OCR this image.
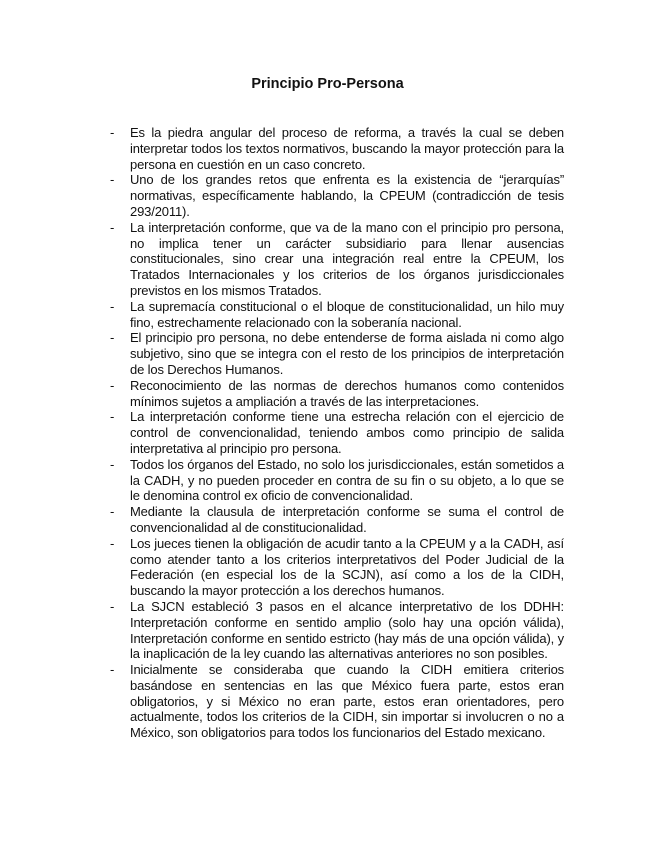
Principio Pro-Persona
- Es la piedra angular del proceso de reforma, a través la cual se deben interpretar todos los textos normativos, buscando la mayor protección para la persona en cuestión en un caso concreto.
- Uno de los grandes retos que enfrenta es la existencia de “jerarquías” normativas, específicamente hablando, la CPEUM (contradicción de tesis 293/2011).
- La interpretación conforme, que va de la mano con el principio pro persona, no implica tener un carácter subsidiario para llenar ausencias constitucionales, sino crear una integración real entre la CPEUM, los Tratados Internacionales y los criterios de los órganos jurisdiccionales previstos en los mismos Tratados.
- La supremacía constitucional o el bloque de constitucionalidad, un hilo muy fino, estrechamente relacionado con la soberanía nacional.
- El principio pro persona, no debe entenderse de forma aislada ni como algo subjetivo, sino que se integra con el resto de los principios de interpretación de los Derechos Humanos.
- Reconocimiento de las normas de derechos humanos como contenidos mínimos sujetos a ampliación a través de las interpretaciones.
- La interpretación conforme tiene una estrecha relación con el ejercicio de control de convencionalidad, teniendo ambos como principio de salida interpretativa al principio pro persona.
- Todos los órganos del Estado, no solo los jurisdiccionales, están sometidos a la CADH, y no pueden proceder en contra de su fin o su objeto, a lo que se le denomina control ex oficio de convencionalidad.
- Mediante la clausula de interpretación conforme se suma el control de convencionalidad al de constitucionalidad.
- Los jueces tienen la obligación de acudir tanto a la CPEUM y a la CADH, así como atender tanto a los criterios interpretativos del Poder Judicial de la Federación (en especial los de la SCJN), así como a los de la CIDH, buscando la mayor protección a los derechos humanos.
- La SJCN estableció 3 pasos en el alcance interpretativo de los DDHH: Interpretación conforme en sentido amplio (solo hay una opción válida), Interpretación conforme en sentido estricto (hay más de una opción válida), y la inaplicación de la ley cuando las alternativas anteriores no son posibles.
- Inicialmente se consideraba que cuando la CIDH emitiera criterios basándose en sentencias en las que México fuera parte, estos eran obligatorios, y si México no eran parte, estos eran orientadores, pero actualmente, todos los criterios de la CIDH, sin importar si involucren o no a México, son obligatorios para todos los funcionarios del Estado mexicano.
